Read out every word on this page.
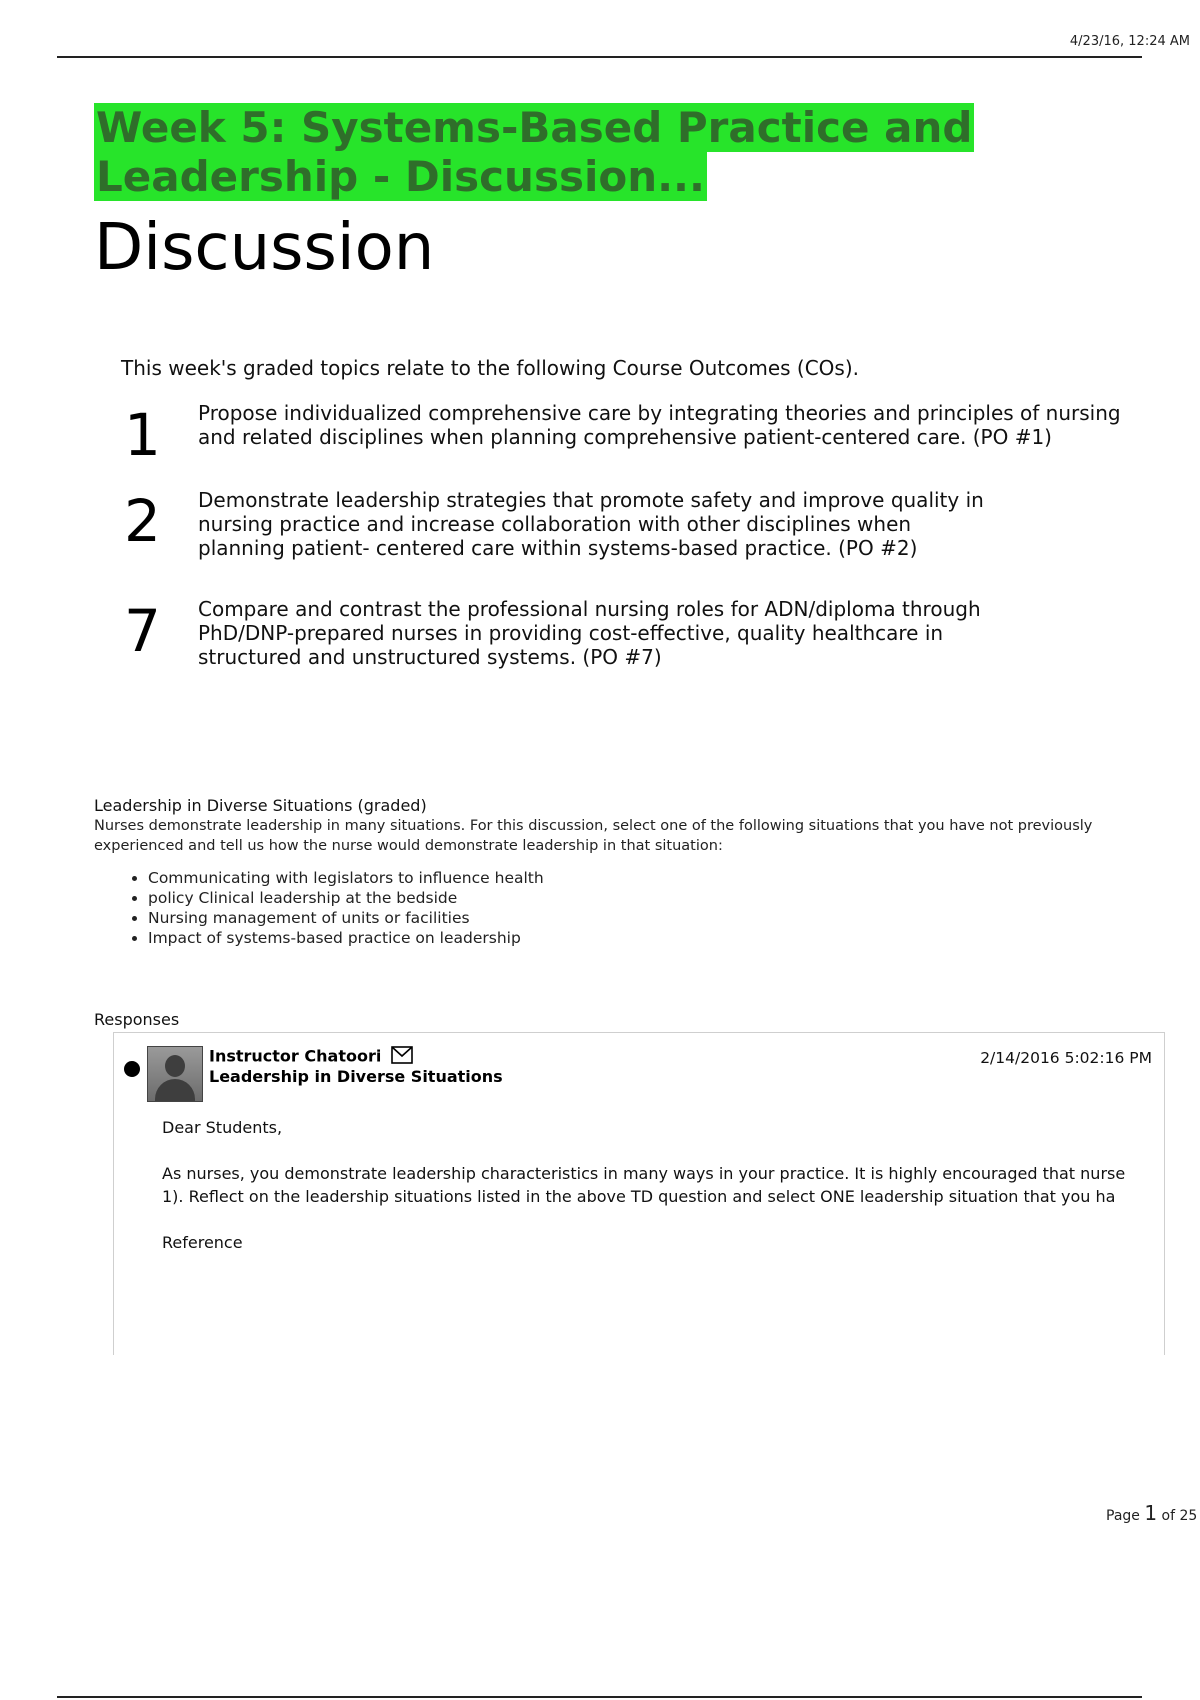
4/23/16, 12:24 AM
Week 5: Systems-Based Practice and Leadership - Discussion...
Discussion
This week's graded topics relate to the following Course Outcomes (COs).
1 Propose individualized comprehensive care by integrating theories and principles of nursing and related disciplines when planning comprehensive patient-centered care. (PO #1)
2 Demonstrate leadership strategies that promote safety and improve quality in nursing practice and increase collaboration with other disciplines when planning patient- centered care within systems-based practice. (PO #2)
7 Compare and contrast the professional nursing roles for ADN/diploma through PhD/DNP-prepared nurses in providing cost-effective, quality healthcare in structured and unstructured systems. (PO #7)
Leadership in Diverse Situations (graded)
Nurses demonstrate leadership in many situations. For this discussion, select one of the following situations that you have not previously experienced and tell us how the nurse would demonstrate leadership in that situation:
• Communicating with legislators to influence health
• policy Clinical leadership at the bedside
• Nursing management of units or facilities
• Impact of systems-based practice on leadership
Responses
Instructor Chatoori
Leadership in Diverse Situations
2/14/2016 5:02:16 PM

Dear Students,

As nurses, you demonstrate leadership characteristics in many ways in your practice. It is highly encouraged that nurse

1). Reflect on the leadership situations listed in the above TD question and select ONE leadership situation that you ha

Reference
Page 1 of 25
